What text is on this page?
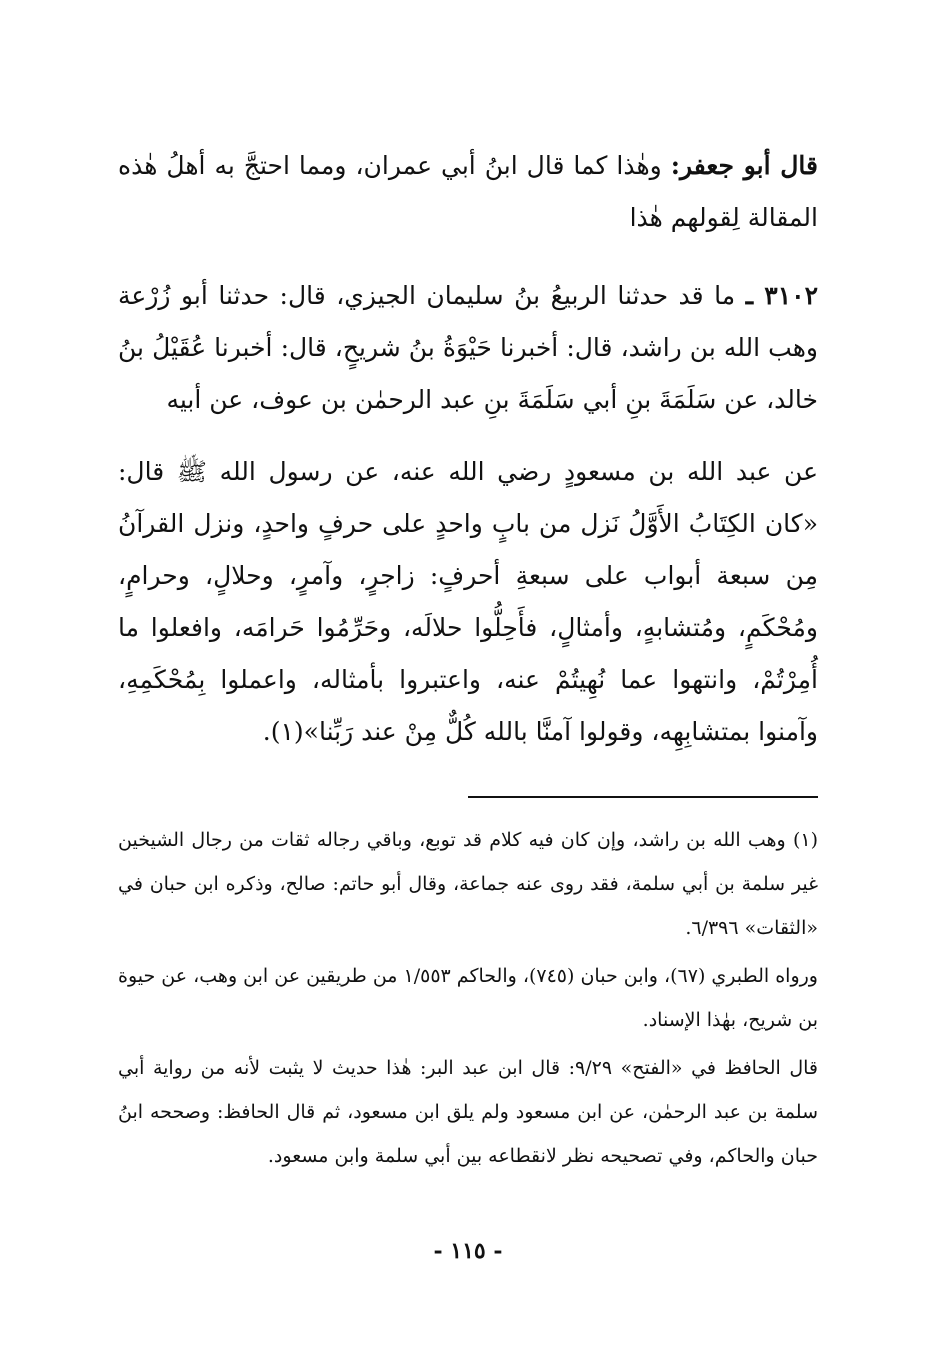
قال أبو جعفر: وهٰذا كما قال ابنُ أبي عمران، ومما احتجَّ به أهلُ هٰذه المقالة لِقولهم هٰذا

٣١٠٢ ـ ما قد حدثنا الربيعُ بنُ سليمان الجيزي، قال: حدثنا أبو زُرْعة وهب الله بن راشد، قال: أخبرنا حَيْوَةُ بنُ شريحٍ، قال: أخبرنا عُقَيْلُ بنُ خالد، عن سَلَمَةَ بنِ أبي سَلَمَةَ بنِ عبد الرحمٰن بن عوف، عن أبيه

عن عبد الله بن مسعودٍ رضي الله عنه، عن رسول الله ﷺ قال: «كان الكِتَابُ الأَوَّلُ نَزل من بابٍ واحدٍ على حرفٍ واحدٍ، ونزل القرآنُ مِن سبعة أبواب على سبعةِ أحرفٍ: زاجرٍ، وآمرٍ، وحلالٍ، وحرامٍ، ومُحْكَمٍ، ومُتشابهٍ، وأمثالٍ، فأَحِلُّوا حلالَه، وحَرِّمُوا حَرامَه، وافعلوا ما أُمِرْتُمْ، وانتهوا عما نُهِيتُمْ عنه، واعتبروا بأمثاله، واعملوا بِمُحْكَمِهِ، وآمنوا بمتشابِهِه، وقولوا آمنَّا بالله كُلٌّ مِنْ عند رَبِّنا»(١).

(١) وهب الله بن راشد، وإن كان فيه كلام قد توبع، وباقي رجاله ثقات من رجال الشيخين غير سلمة بن أبي سلمة، فقد روى عنه جماعة، وقال أبو حاتم: صالح، وذكره ابن حبان في «الثقات» ٦/٣٩٦.

ورواه الطبري (٦٧)، وابن حبان (٧٤٥)، والحاكم ١/٥٥٣ من طريقين عن ابن وهب، عن حيوة بن شريح، بهٰذا الإسناد.

قال الحافظ في «الفتح» ٩/٢٩: قال ابن عبد البر: هٰذا حديث لا يثبت لأنه من رواية أبي سلمة بن عبد الرحمٰن، عن ابن مسعود ولم يلق ابن مسعود، ثم قال الحافظ: وصححه ابنُ حبان والحاكم، وفي تصحيحه نظر لانقطاعه بين أبي سلمة وابن مسعود.

- ١١٥ -
